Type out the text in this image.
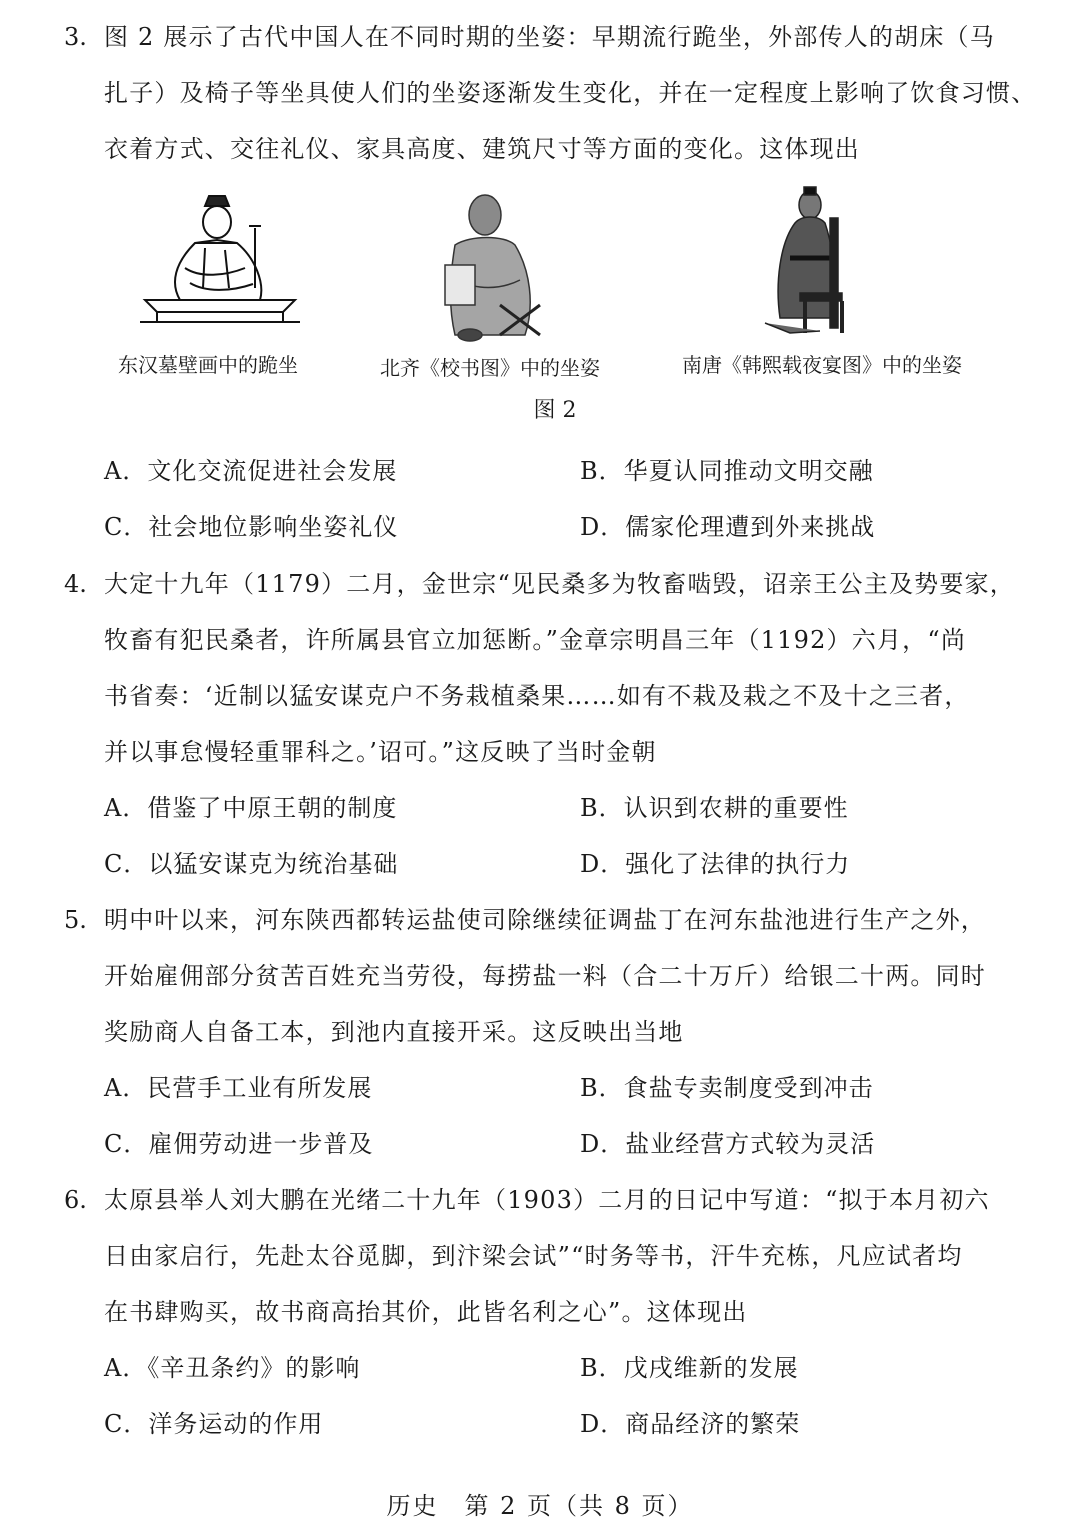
3. 图 2 展示了古代中国人在不同时期的坐姿：早期流行跪坐，外部传人的胡床（马
扎子）及椅子等坐具使人们的坐姿逐渐发生变化，并在一定程度上影响了饮食习惯、
衣着方式、交往礼仪、家具高度、建筑尺寸等方面的变化。这体现出
东汉墓壁画中的跪坐	北齐《校书图》中的坐姿	南唐《韩熙载夜宴图》中的坐姿
图 2
A．文化交流促进社会发展	B．华夏认同推动文明交融
C．社会地位影响坐姿礼仪	D．儒家伦理遭到外来挑战
4. 大定十九年（1179）二月，金世宗“见民桑多为牧畜啮毁，诏亲王公主及势要家，
牧畜有犯民桑者，许所属县官立加惩断。”金章宗明昌三年（1192）六月，“尚
书省奏：‘近制以猛安谋克户不务栽植桑果……如有不栽及栽之不及十之三者，
并以事怠慢轻重罪科之。’诏可。”这反映了当时金朝
A．借鉴了中原王朝的制度	B．认识到农耕的重要性
C．以猛安谋克为统治基础	D．强化了法律的执行力
5. 明中叶以来，河东陕西都转运盐使司除继续征调盐丁在河东盐池进行生产之外，
开始雇佣部分贫苦百姓充当劳役，每捞盐一料（合二十万斤）给银二十两。同时
奖励商人自备工本，到池内直接开采。这反映出当地
A．民营手工业有所发展	B．食盐专卖制度受到冲击
C．雇佣劳动进一步普及	D．盐业经营方式较为灵活
6. 太原县举人刘大鹏在光绪二十九年（1903）二月的日记中写道：“拟于本月初六
日由家启行，先赴太谷觅脚，到汴梁会试”“时务等书，汗牛充栋，凡应试者均
在书肆购买，故书商高抬其价，此皆名利之心”。这体现出
A．《辛丑条约》的影响	B．戊戌维新的发展
C．洋务运动的作用	D．商品经济的繁荣
历史　第 2 页（共 8 页）
